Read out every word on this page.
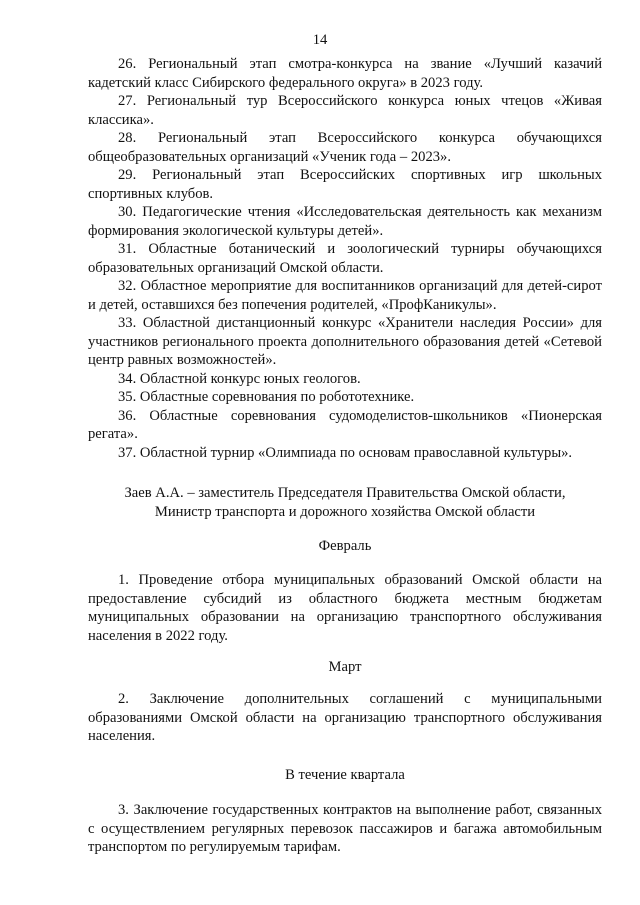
14

26. Региональный этап смотра-конкурса на звание «Лучший казачий кадетский класс Сибирского федерального округа» в 2023 году.

27. Региональный тур Всероссийского конкурса юных чтецов «Живая классика».

28. Региональный этап Всероссийского конкурса обучающихся общеобразовательных организаций «Ученик года – 2023».

29. Региональный этап Всероссийских спортивных игр школьных спортивных клубов.

30. Педагогические чтения «Исследовательская деятельность как механизм формирования экологической культуры детей».

31. Областные ботанический и зоологический турниры обучающихся образовательных организаций Омской области.

32. Областное мероприятие для воспитанников организаций для детей-сирот и детей, оставшихся без попечения родителей, «ПрофКаникулы».

33. Областной дистанционный конкурс «Хранители наследия России» для участников регионального проекта дополнительного образования детей «Сетевой центр равных возможностей».

34. Областной конкурс юных геологов.

35. Областные соревнования по робототехнике.

36. Областные соревнования судомоделистов-школьников «Пионерская регата».

37. Областной турнир «Олимпиада по основам православной культуры».

Заев А.А. – заместитель Председателя Правительства Омской области,
Министр транспорта и дорожного хозяйства Омской области
Февраль

1. Проведение отбора муниципальных образований Омской области на предоставление субсидий из областного бюджета местным бюджетам муниципальных образовании на организацию транспортного обслуживания населения в 2022 году.

Март

2. Заключение дополнительных соглашений с муниципальными образованиями Омской области на организацию транспортного обслуживания населения.

В течение квартала

3. Заключение государственных контрактов на выполнение работ, связанных с осуществлением регулярных перевозок пассажиров и багажа автомобильным транспортом по регулируемым тарифам.
